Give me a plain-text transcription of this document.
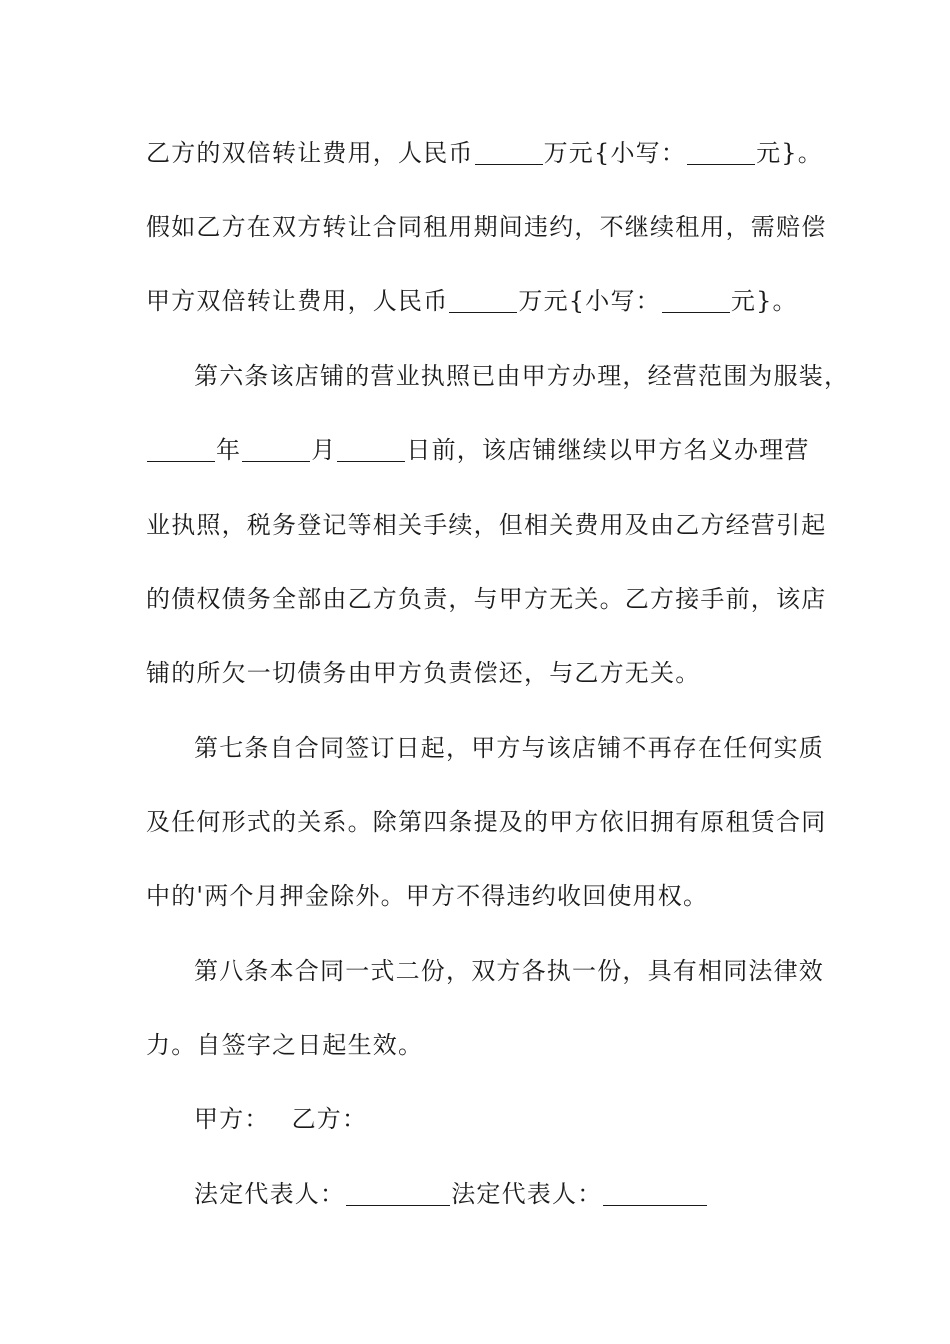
乙方的双倍转让费用，人民币	万元{小写：	元}。
假如乙方在双方转让合同租用期间违约，不继续租用，需赔偿
甲方双倍转让费用，人民币	万元{小写：	元}。
第六条该店铺的营业执照已由甲方办理，经营范围为服装，
年	月	日前，该店铺继续以甲方名义办理营
业执照，税务登记等相关手续，但相关费用及由乙方经营引起
的债权债务全部由乙方负责，与甲方无关。乙方接手前，该店
铺的所欠一切债务由甲方负责偿还，与乙方无关。
第七条自合同签订日起，甲方与该店铺不再存在任何实质
及任何形式的关系。除第四条提及的甲方依旧拥有原租赁合同
中的'两个月押金除外。甲方不得违约收回使用权。
第八条本合同一式二份，双方各执一份，具有相同法律效
力。自签字之日起生效。
甲方： 乙方：
法定代表人：	法定代表人：
